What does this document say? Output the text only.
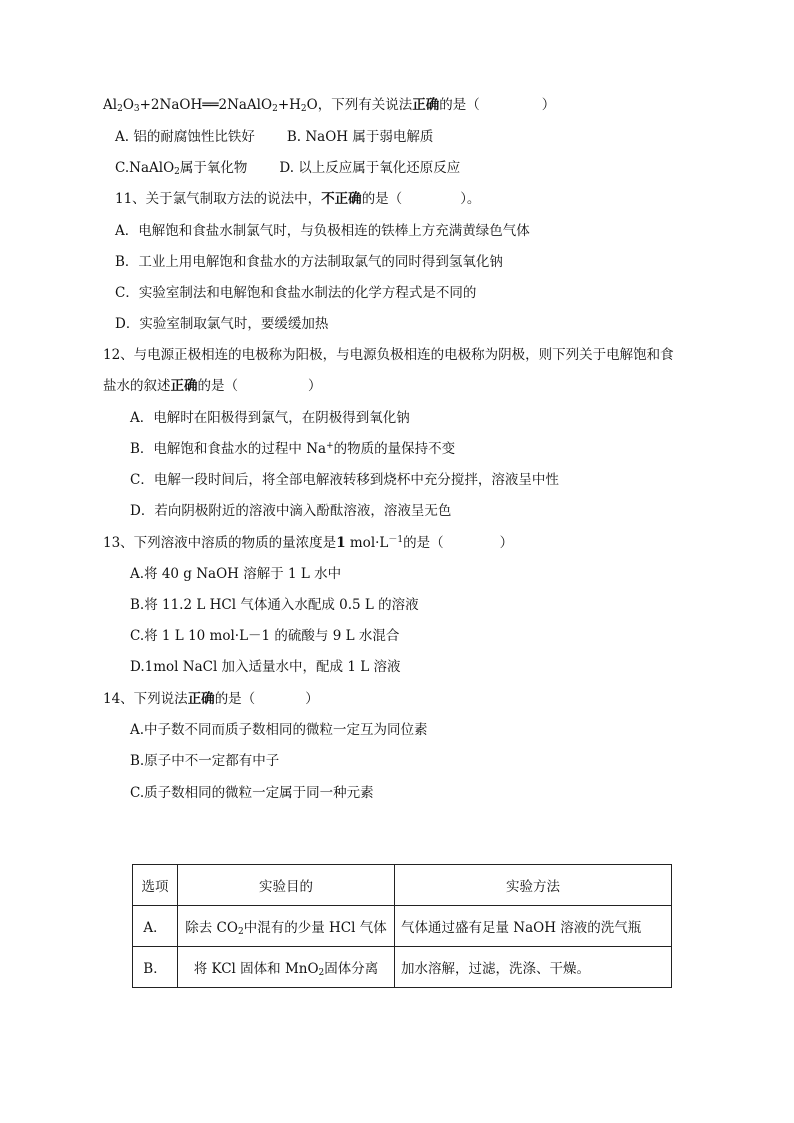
$Al_2O_3+2NaOH══2NaAlO_2+H_2O$，下列有关说法正确的是（	）
A. 铝的耐腐蚀性比铁好 B. NaOH 属于弱电解质
C.NaAlO$_2$属于氧化物 D. 以上反应属于氧化还原反应
11、关于氯气制取方法的说法中，不正确的是（	）。
A．电解饱和食盐水制氯气时，与负极相连的铁棒上方充满黄绿色气体
B．工业上用电解饱和食盐水的方法制取氯气的同时得到氢氧化钠
C．实验室制法和电解饱和食盐水制法的化学方程式是不同的
D．实验室制取氯气时，要缓缓加热
12、与电源正极相连的电极称为阳极，与电源负极相连的电极称为阴极，则下列关于电解饱和食
盐水的叙述正确的是（	）
A．电解时在阳极得到氯气，在阴极得到氧化钠
B．电解饱和食盐水的过程中 Na+的物质的量保持不变
C．电解一段时间后，将全部电解液转移到烧杯中充分搅拌，溶液呈中性
D．若向阴极附近的溶液中滴入酚酞溶液，溶液呈无色
13、下列溶液中溶质的物质的量浓度是1 $mol\cdot L^{-1}$的是（	）
A.将 40 g NaOH 溶解于 1 L 水中
B.将 11.2 L HCl 气体通入水配成 0.5 L 的溶液
C.将 1 L 10 mol·L－1 的硫酸与 9 L 水混合
D.1mol NaCl 加入适量水中，配成 1 L 溶液
14、下列说法正确的是（	）
A.中子数不同而质子数相同的微粒一定互为同位素
B.原子中不一定都有中子
C.质子数相同的微粒一定属于同一种元素
选项	实验目的	实验方法
A．	除去 $CO_2$中混有的少量 HCl 气体	气体通过盛有足量 NaOH 溶液的洗气瓶
B．	将 KCl 固体和 MnO$_2$固体分离	加水溶解，过滤，洗涤、干燥。
